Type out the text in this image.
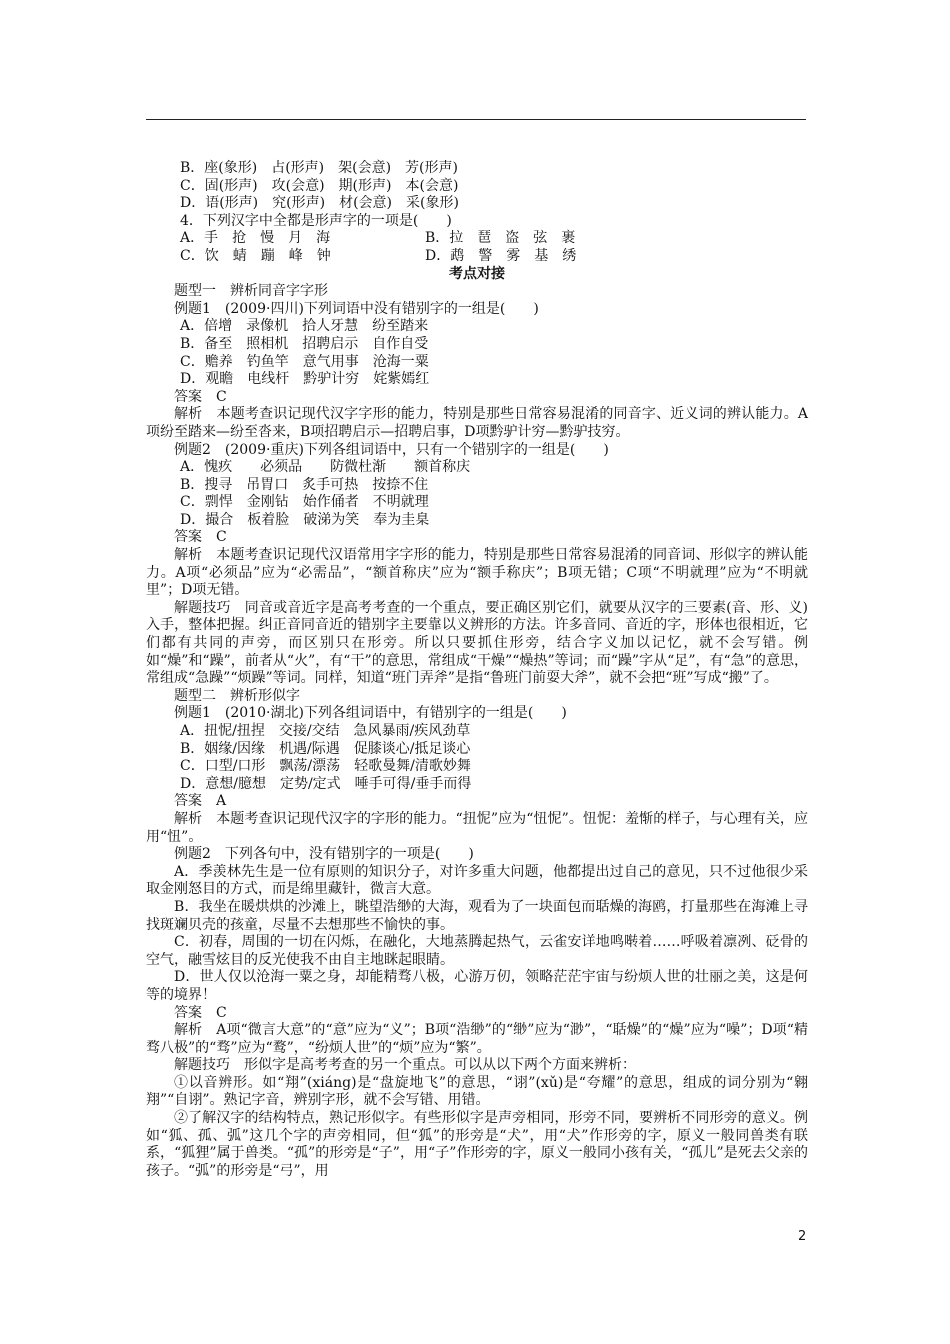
B．座(象形)　占(形声)　架(会意)　芳(形声)
C．固(形声)　攻(会意)　期(形声)　本(会意)
D．语(形声)　究(形声)　材(会意)　采(象形)
4．下列汉字中全都是形声字的一项是(　　)
A．手　抢　慢　月　海	B．拉　琶　盗　弦　裹
C．饮　蜻　蹦　峰　钟	D．鹉　警　雾　基　绣
考点对接
题型一　辨析同音字字形
例题1　(2009·四川)下列词语中没有错别字的一组是(　　)
A．倍增　录像机　拾人牙慧　纷至踏来
B．备至　照相机　招聘启示　自作自受
C．赡养　钓鱼竿　意气用事　沧海一粟
D．观瞻　电线杆　黔驴计穷　姹紫嫣红
答案　C
解析　本题考查识记现代汉字字形的能力，特别是那些日常容易混淆的同音字、近义词的辨认能力。A项纷至踏来—纷至沓来，B项招聘启示—招聘启事，D项黔驴计穷—黔驴技穷。
例题2　(2009·重庆)下列各组词语中，只有一个错别字的一组是(　　)
A．愧疚　　必须品　　防微杜渐　　额首称庆
B．搜寻　吊胃口　炙手可热　按捺不住
C．剽悍　金刚钻　始作俑者　不明就理
D．撮合　板着脸　破涕为笑　奉为圭臬
答案　C
解析　本题考查识记现代汉语常用字字形的能力，特别是那些日常容易混淆的同音词、形似字的辨认能力。A项“必须品”应为“必需品”，“额首称庆”应为“额手称庆”；B项无错；C项“不明就理”应为“不明就里”；D项无错。
解题技巧　同音或音近字是高考考查的一个重点，要正确区别它们，就要从汉字的三要素(音、形、义)入手，整体把握。纠正音同音近的错别字主要靠以义辨形的方法。许多音同、音近的字，形体也很相近，它们都有共同的声旁，而区别只在形旁。所以只要抓住形旁，结合字义加以记忆，就不会写错。例如“燥”和“躁”，前者从“火”，有“干”的意思，常组成“干燥”“燥热”等词；而“躁”字从“足”，有“急”的意思，常组成“急躁”“烦躁”等词。同样，知道“班门弄斧”是指“鲁班门前耍大斧”，就不会把“班”写成“搬”了。
题型二　辨析形似字
例题1　(2010·湖北)下列各组词语中，有错别字的一组是(　　)
A．扭怩/扭捏　交接/交结　急风暴雨/疾风劲草
B．姻缘/因缘　机遇/际遇　促膝谈心/抵足谈心
C．口型/口形　飘荡/漂荡　轻歌曼舞/清歌妙舞
D．意想/臆想　定势/定式　唾手可得/垂手而得
答案　A
解析　本题考查识记现代汉字的字形的能力。“扭怩”应为“忸怩”。忸怩：羞惭的样子，与心理有关，应用“忸”。
例题2　下列各句中，没有错别字的一项是(　　)
A．季羡林先生是一位有原则的知识分子，对许多重大问题，他都提出过自己的意见，只不过他很少采取金刚怒目的方式，而是绵里藏针，微言大意。
B．我坐在暖烘烘的沙滩上，眺望浩缈的大海，观看为了一块面包而聒燥的海鸥，打量那些在海滩上寻找斑斓贝壳的孩童，尽量不去想那些不愉快的事。
C．初春，周围的一切在闪烁，在融化，大地蒸腾起热气，云雀安详地鸣啭着……呼吸着凛冽、砭骨的空气，融雪炫目的反光使我不由自主地眯起眼睛。
D．世人仅以沧海一粟之身，却能精骛八极，心游万仞，领略茫茫宇宙与纷烦人世的壮丽之美，这是何等的境界！
答案　C
解析　A项“微言大意”的“意”应为“义”；B项“浩缈”的“缈”应为“渺”，“聒燥”的“燥”应为“噪”；D项“精骛八极”的“骛”应为“鹜”，“纷烦人世”的“烦”应为“繁”。
解题技巧　形似字是高考考查的另一个重点。可以从以下两个方面来辨析：
①以音辨形。如“翔”(xiáng)是“盘旋地飞”的意思，“诩”(xǔ)是“夸耀”的意思，组成的词分别为“翱翔”“自诩”。熟记字音，辨别字形，就不会写错、用错。
②了解汉字的结构特点，熟记形似字。有些形似字是声旁相同，形旁不同，要辨析不同形旁的意义。例如“狐、孤、弧”这几个字的声旁相同，但“狐”的形旁是“犬”，用“犬”作形旁的字，原义一般同兽类有联系，“狐狸”属于兽类。“孤”的形旁是“子”，用“子”作形旁的字，原义一般同小孩有关，“孤儿”是死去父亲的孩子。“弧”的形旁是“弓”，用
2
